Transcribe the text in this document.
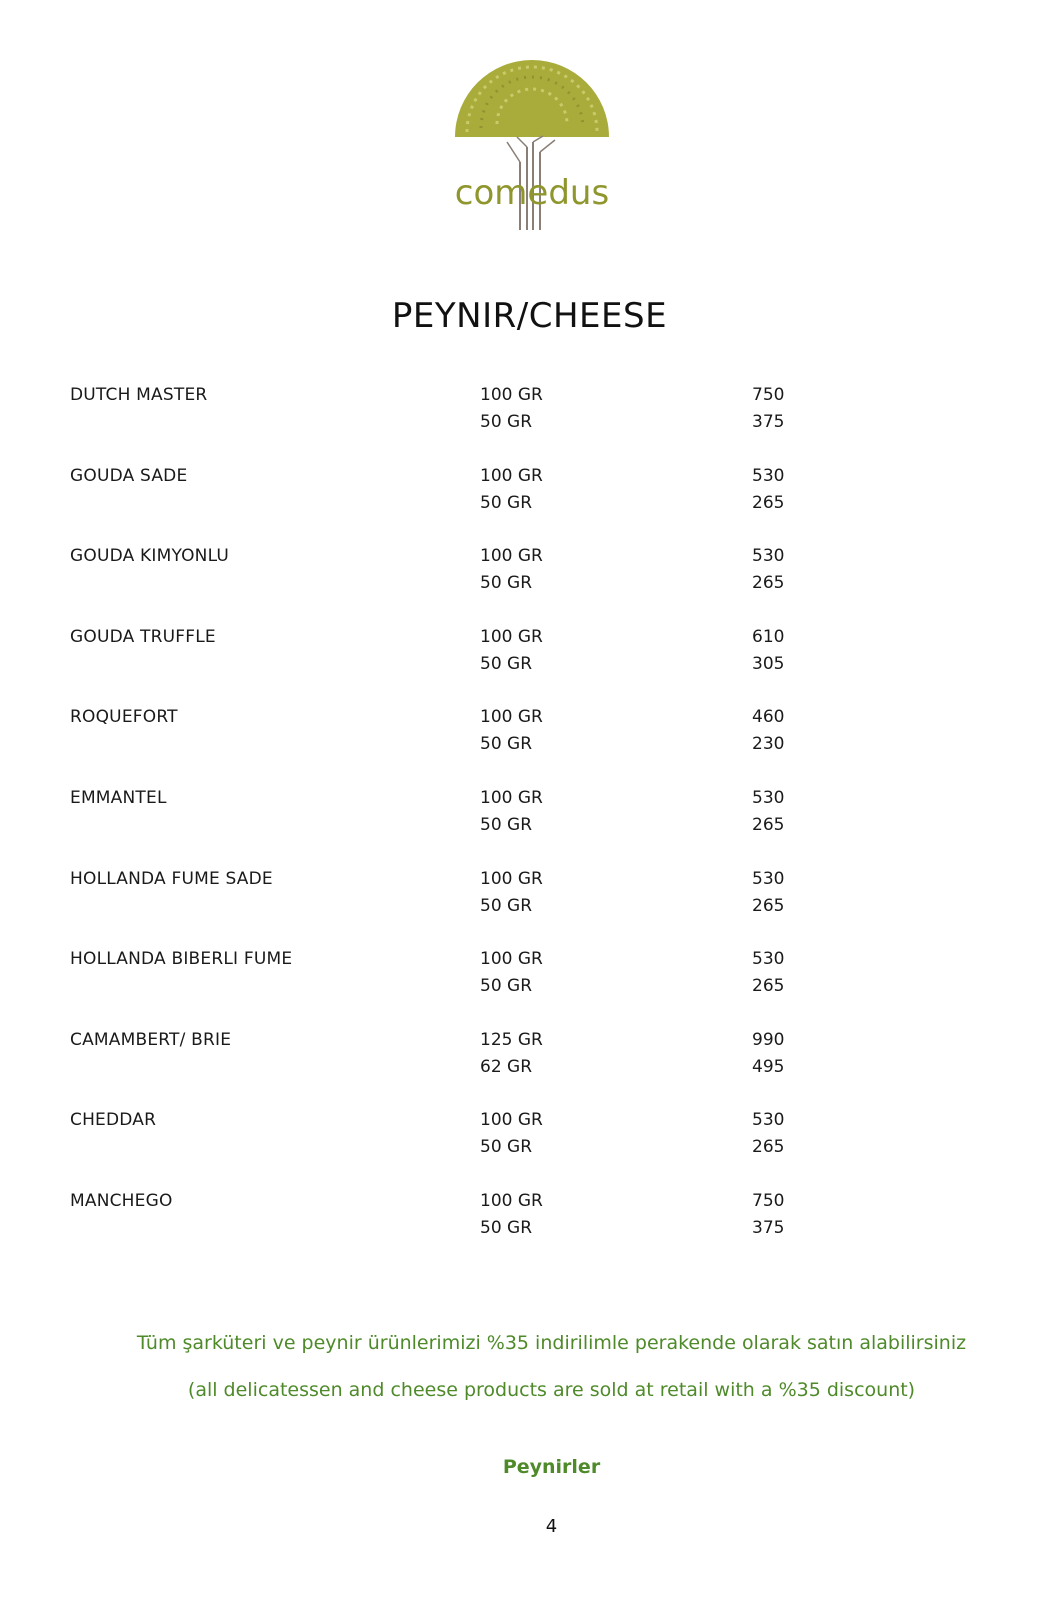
comedus
PEYNIR/CHEESE
DUTCH MASTER	100 GR	750
50 GR	375
GOUDA SADE	100 GR	530
50 GR	265
GOUDA KIMYONLU	100 GR	530
50 GR	265
GOUDA TRUFFLE	100 GR	610
50 GR	305
ROQUEFORT	100 GR	460
50 GR	230
EMMANTEL	100 GR	530
50 GR	265
HOLLANDA FUME SADE	100 GR	530
50 GR	265
HOLLANDA BIBERLI FUME	100 GR	530
50 GR	265
CAMAMBERT/ BRIE	125 GR	990
62 GR	495
CHEDDAR	100 GR	530
50 GR	265
MANCHEGO	100 GR	750
50 GR	375
Tüm şarküteri ve peynir ürünlerimizi %35 indirilimle perakende olarak satın alabilirsiniz
(all delicatessen and cheese products are sold at retail with a %35 discount)
Peynirler
4
